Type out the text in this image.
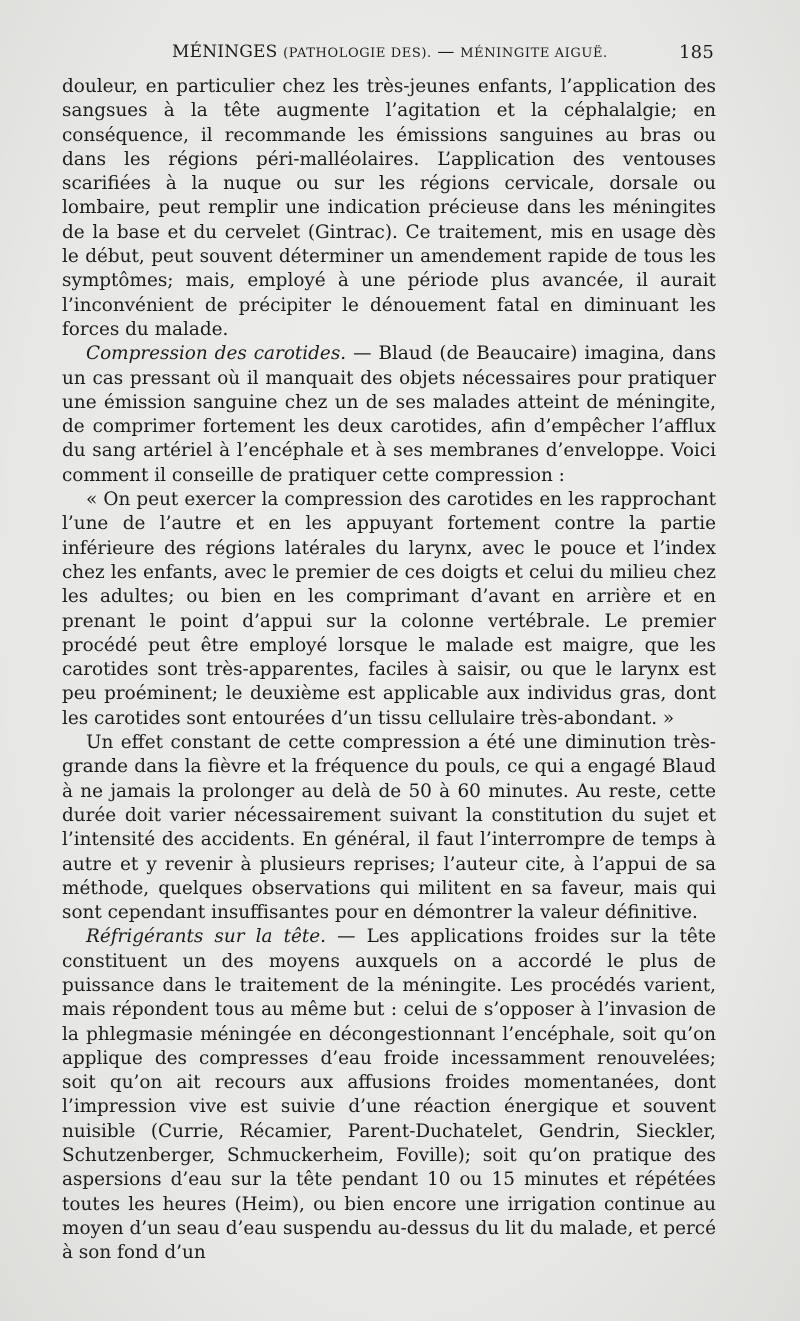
MÉNINGES (PATHOLOGIE DES). — MÉNINGITE AIGUË.	185

douleur, en particulier chez les très-jeunes enfants, l’application des sangsues à la tête augmente l’agitation et la céphalalgie; en conséquence, il recommande les émissions sanguines au bras ou dans les régions péri-malléolaires. L’application des ventouses scarifiées à la nuque ou sur les régions cervicale, dorsale ou lombaire, peut remplir une indication précieuse dans les méningites de la base et du cervelet (Gintrac). Ce traitement, mis en usage dès le début, peut souvent déterminer un amendement rapide de tous les symptômes; mais, employé à une période plus avancée, il aurait l’inconvénient de précipiter le dénouement fatal en diminuant les forces du malade.

Compression des carotides. — Blaud (de Beaucaire) imagina, dans un cas pressant où il manquait des objets nécessaires pour pratiquer une émission sanguine chez un de ses malades atteint de méningite, de comprimer fortement les deux carotides, afin d’empêcher l’afflux du sang artériel à l’encéphale et à ses membranes d’enveloppe. Voici comment il conseille de pratiquer cette compression :

« On peut exercer la compression des carotides en les rapprochant l’une de l’autre et en les appuyant fortement contre la partie inférieure des régions latérales du larynx, avec le pouce et l’index chez les enfants, avec le premier de ces doigts et celui du milieu chez les adultes; ou bien en les comprimant d’avant en arrière et en prenant le point d’appui sur la colonne vertébrale. Le premier procédé peut être employé lorsque le malade est maigre, que les carotides sont très-apparentes, faciles à saisir, ou que le larynx est peu proéminent; le deuxième est applicable aux individus gras, dont les carotides sont entourées d’un tissu cellulaire très-abondant. »

Un effet constant de cette compression a été une diminution très-grande dans la fièvre et la fréquence du pouls, ce qui a engagé Blaud à ne jamais la prolonger au delà de 50 à 60 minutes. Au reste, cette durée doit varier nécessairement suivant la constitution du sujet et l’intensité des accidents. En général, il faut l’interrompre de temps à autre et y revenir à plusieurs reprises; l’auteur cite, à l’appui de sa méthode, quelques observations qui militent en sa faveur, mais qui sont cependant insuffisantes pour en démontrer la valeur définitive.

Réfrigérants sur la tête. — Les applications froides sur la tête constituent un des moyens auxquels on a accordé le plus de puissance dans le traitement de la méningite. Les procédés varient, mais répondent tous au même but : celui de s’opposer à l’invasion de la phlegmasie méningée en décongestionnant l’encéphale, soit qu’on applique des compresses d’eau froide incessamment renouvelées; soit qu’on ait recours aux affusions froides momentanées, dont l’impression vive est suivie d’une réaction énergique et souvent nuisible (Currie, Récamier, Parent-Duchatelet, Gendrin, Sieckler, Schutzenberger, Schmuckerheim, Foville); soit qu’on pratique des aspersions d’eau sur la tête pendant 10 ou 15 minutes et répétées toutes les heures (Heim), ou bien encore une irrigation continue au moyen d’un seau d’eau suspendu au-dessus du lit du malade, et percé à son fond d’un
